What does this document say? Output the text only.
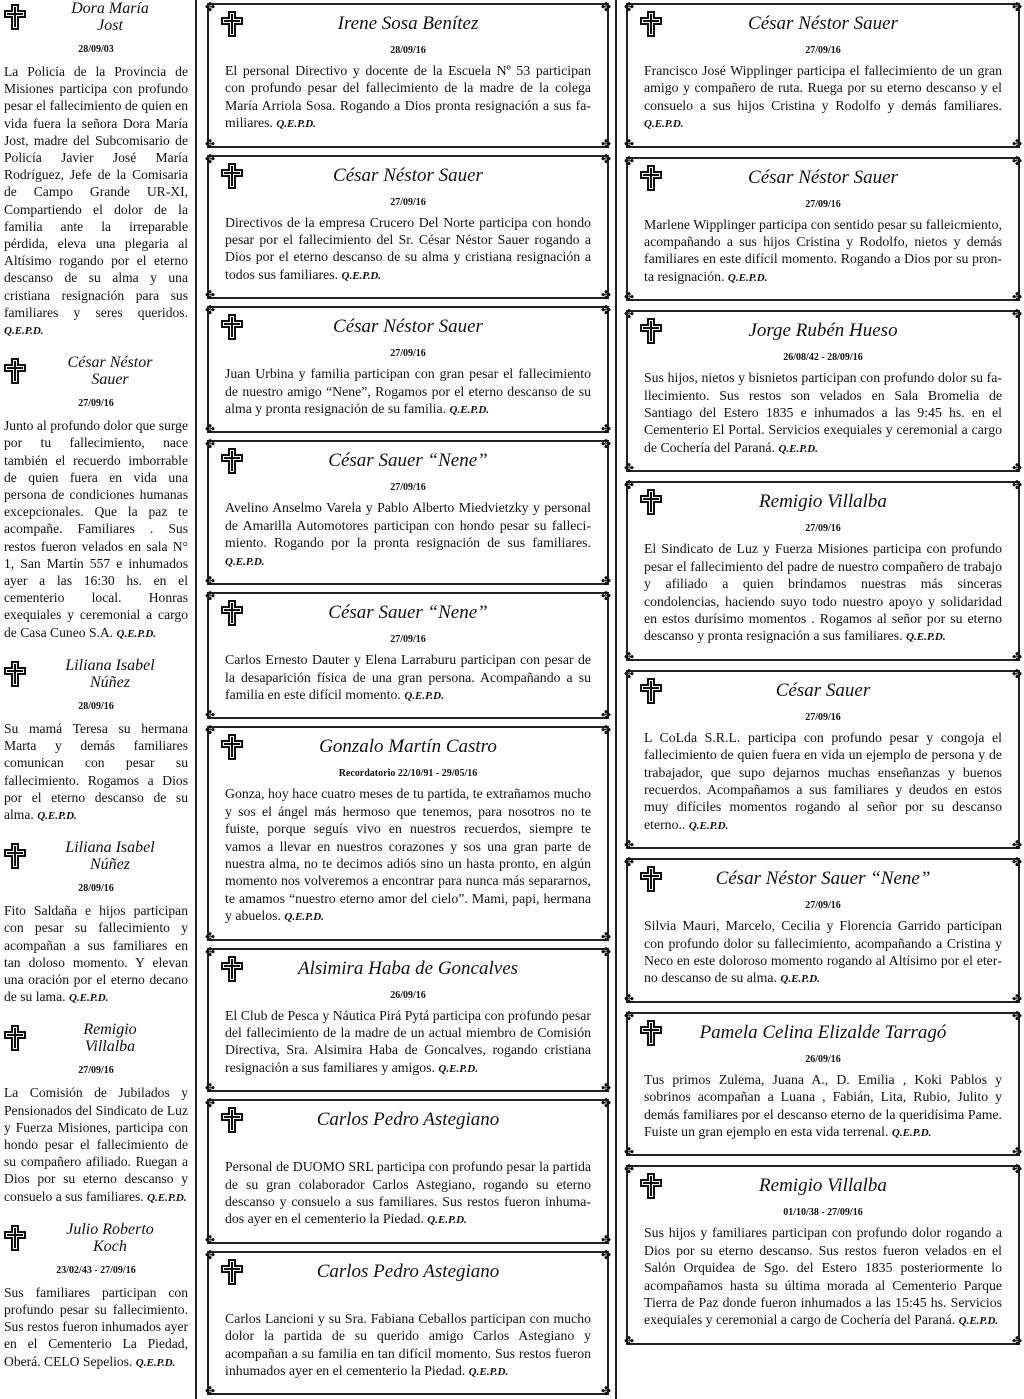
Dora María
Jost
28/09/03
La Policía de la Provincia de Misiones participa con profundo pesar el fallecimiento de quien en vida fuera la señora Dora María Jost, madre del Subcomisario de Policía Javier José María Rodríguez, Jefe de la Comisaria de Campo Grande UR-XI, Compartiendo el dolor de la familia ante la irreparable pérdida, eleva una plegaria al Altísimo rogando por el eterno descanso de su alma y una cristiana resignación para sus familiares y seres queridos. Q.E.P.D.
César Néstor
Sauer
27/09/16
Junto al profundo dolor que surge por tu fallecimiento, nace también el recuerdo imborrable de quien fuera en vida una persona de condiciones humanas excepcionales. Que la paz te acompañe. Familiares . Sus restos fueron velados en sala N° 1, San Martín 557 e inhumados ayer a las 16:30 hs. en el cementerio local. Honras exequiales y ceremonial a cargo de Casa Cuneo S.A. Q.E.P.D.
Liliana Isabel
Núñez
28/09/16
Su mamá Teresa su hermana Marta y demás familiares comunican con pesar su fallecimiento. Rogamos a Dios por el eterno descanso de su alma. Q.E.P.D.
Liliana Isabel
Núñez
28/09/16
Fito Saldaña e hijos participan con pesar su fallecimiento y acompañan a sus familiares en tan doloso momento. Y elevan una oración por el eterno decano de su lama. Q.E.P.D.
Remigio
Villalba
27/09/16
La Comisión de Jubilados y Pensionados del Sindicato de Luz y Fuerza Misiones, participa con hondo pesar el fallecimiento de su compañero afiliado. Ruegan a Dios por su eterno descanso y consuelo a sus familiares. Q.E.P.D.
Julio Roberto
Koch
23/02/43 - 27/09/16
Sus familiares participan con profundo pesar su fallecimiento. Sus restos fueron inhumados ayer en el Cementerio La Piedad, Oberá. CELO Sepelios. Q.E.P.D.
Irene Sosa Benítez
28/09/16
El personal Directivo y docente de la Escuela Nº 53 participan con profundo pesar del fallecimiento de la madre de la colega María Arriola Sosa. Rogando a Dios pronta resignación a sus familiares. Q.E.P.D.
✤	✤
✤	✤
César Néstor Sauer
27/09/16
Directivos de la empresa Crucero Del Norte participa con hondo pesar por el fallecimiento del Sr. César Néstor Sauer rogando a Dios por el eterno descanso de su alma y cristiana resignación a todos sus familiares. Q.E.P.D.
✤	✤
✤	✤
César Néstor Sauer
27/09/16
Juan Urbina y familia participan con gran pesar el fallecimiento de nuestro amigo “Nene”, Rogamos por el eterno descanso de su alma y pronta resignación de su familia. Q.E.P.D.
✤	✤
✤	✤
César Sauer “Nene”
27/09/16
Avelino Anselmo Varela y Pablo Alberto Miedvietzky y personal de Amarilla Automotores participan con hondo pesar su fallecimiento. Rogando por la pronta resignación de sus familiares. Q.E.P.D.
✤	✤
✤	✤
César Sauer “Nene”
27/09/16
Carlos Ernesto Dauter y Elena Larraburu participan con pesar de la desaparición física de una gran persona. Acompañando a su familia en este difícil momento. Q.E.P.D.
✤	✤
✤	✤
Gonzalo Martín Castro
Recordatorio 22/10/91 - 29/05/16
Gonza, hoy hace cuatro meses de tu partida, te extrañamos mucho y sos el ángel más hermoso que tenemos, para nosotros no te fuiste, porque seguís vivo en nuestros recuerdos, siempre te vamos a llevar en nuestros corazones y sos una gran parte de nuestra alma, no te decimos adiós sino un hasta pronto, en algún momento nos volveremos a encontrar para nunca más separarnos, te amamos “nuestro eterno amor del cielo”. Mami, papi, hermana y abuelos. Q.E.P.D.
✤	✤
✤	✤
Alsimira Haba de Goncalves
26/09/16
El Club de Pesca y Náutica Pirá Pytá participa con profundo pesar del fallecimiento de la madre de un actual miembro de Comisión Directiva, Sra. Alsimira Haba de Goncalves, rogando cristiana resignación a sus familiares y amigos. Q.E.P.D.
✤	✤
✤	✤
Carlos Pedro Astegiano

Personal de DUOMO SRL participa con profundo pesar la partida de su gran colaborador Carlos Astegiano, rogando su eterno descanso y consuelo a sus familiares. Sus restos fueron inhumados ayer en el cementerio la Piedad. Q.E.P.D.
✤	✤
✤	✤
Carlos Pedro Astegiano

Carlos Lancioni y su Sra. Fabiana Ceballos participan con mucho dolor la partida de su querido amigo Carlos Astegiano y acompañan a su familia en tan difícil momento. Sus restos fueron inhumados ayer en el cementerio la Piedad. Q.E.P.D.
✤	✤
✤	✤
César Néstor Sauer
27/09/16
Francisco José Wipplinger participa el fallecimiento de un gran amigo y compañero de ruta. Ruega por su eterno descanso y el consuelo a sus hijos Cristina y Rodolfo y demás familiares. Q.E.P.D.
✤	✤
✤	✤
César Néstor Sauer
27/09/16
Marlene Wipplinger participa con sentido pesar su falleicmiento, acompañando a sus hijos Cristina y Rodolfo, nietos y demás familiares en este difícil momento. Rogando a Dios por su pronta resignación. Q.E.P.D.
✤	✤
✤	✤
Jorge Rubén Hueso
26/08/42 - 28/09/16
Sus hijos, nietos y bisnietos participan con profundo dolor su fallecimiento. Sus restos son velados en Sala Bromelia de Santiago del Estero 1835 e inhumados a las 9:45 hs. en el Cementerio El Portal. Servicios exequiales y ceremonial a cargo de Cochería del Paraná. Q.E.P.D.
✤	✤
✤	✤
Remigio Villalba
27/09/16
El Sindicato de Luz y Fuerza Misiones participa con profundo pesar el fallecimiento del padre de nuestro compañero de trabajo y afiliado a quien brindamos nuestras más sinceras condolencias, haciendo suyo todo nuestro apoyo y solidaridad en estos durísimo momentos . Rogamos al señor por su eterno descanso y pronta resignación a sus familiares. Q.E.P.D.
✤	✤
✤	✤
César Sauer
27/09/16
L CoLda S.R.L. participa con profundo pesar y congoja el fallecimiento de quien fuera en vida un ejemplo de persona y de trabajador, que supo dejarnos muchas enseñanzas y buenos recuerdos. Acompañamos a sus familiares y deudos en estos muy difíciles momentos rogando al señor por su descanso eterno.. Q.E.P.D.
✤	✤
✤	✤
César Néstor Sauer “Nene”
27/09/16
Silvia Mauri, Marcelo, Cecilia y Florencia Garrido participan con profundo dolor su fallecimiento, acompañando a Cristina y Neco en este doloroso momento rogando al Altísimo por el eterno descanso de su alma. Q.E.P.D.
✤	✤
✤	✤
Pamela Celina Elizalde Tarragó
26/09/16
Tus primos Zulema, Juana A., D. Emilia , Koki Pablos y sobrinos acompañan a Luana , Fabián, Lita, Rubio, Julito y demás familiares por el descanso eterno de la queridísima Pame. Fuiste un gran ejemplo en esta vida terrenal. Q.E.P.D.
✤	✤
✤	✤
Remigio Villalba
01/10/38 - 27/09/16
Sus hijos y familiares participan con profundo dolor rogando a Dios por su eterno descanso. Sus restos fueron velados en el Salón Orquidea de Sgo. del Estero 1835 posteriormente lo acompañamos hasta su última morada al Cementerio Parque Tierra de Paz donde fueron inhumados a las 15:45 hs. Servicios exequiales y ceremonial a cargo de Cochería del Paraná. Q.E.P.D.
✤	✤
✤	✤
